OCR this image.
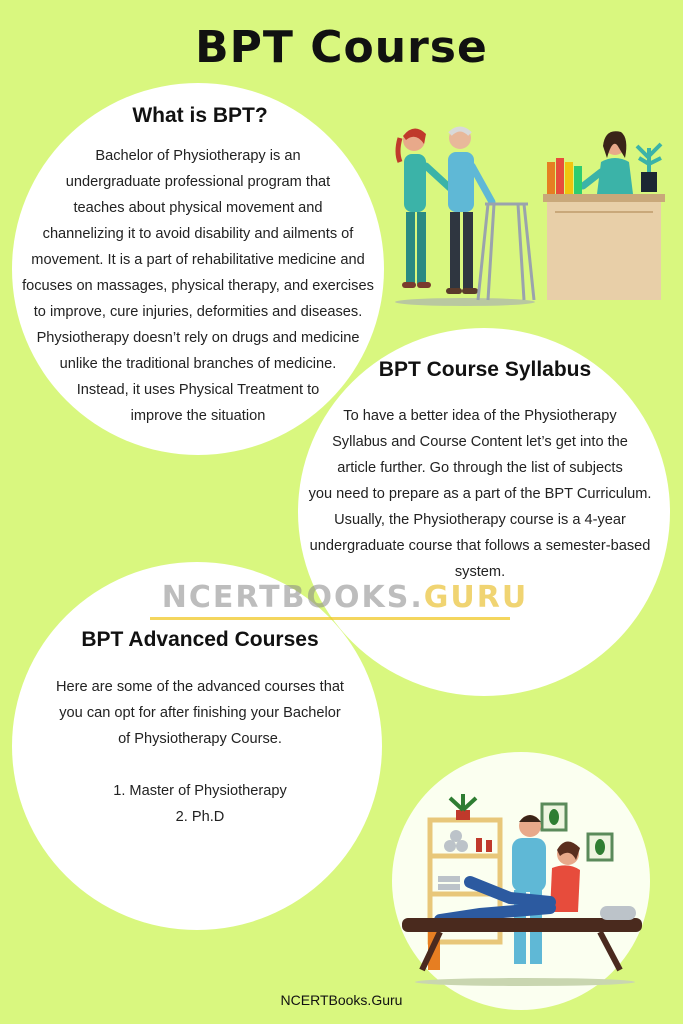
BPT Course
What is BPT?

Bachelor of Physiotherapy is an
undergraduate professional program that
teaches about physical movement and
channelizing it to avoid disability and ailments of
movement. It is a part of rehabilitative medicine and
focuses on massages, physical therapy, and exercises
to improve, cure injuries, deformities and diseases.
Physiotherapy doesn’t rely on drugs and medicine
unlike the traditional branches of medicine.
Instead, it uses Physical Treatment to
improve the situation

BPT Course Syllabus

To have a better idea of the Physiotherapy
Syllabus and Course Content let’s get into the
article further. Go through the list of subjects
you need to prepare as a part of the BPT Curriculum.
Usually, the Physiotherapy course is a 4-year
undergraduate course that follows a semester-based
system.

NCERTBOOKS.GURU
BPT Advanced Courses

Here are some of the advanced courses that
you can opt for after finishing your Bachelor
of Physiotherapy Course.

1. Master of Physiotherapy
2. Ph.D
NCERTBooks.Guru
